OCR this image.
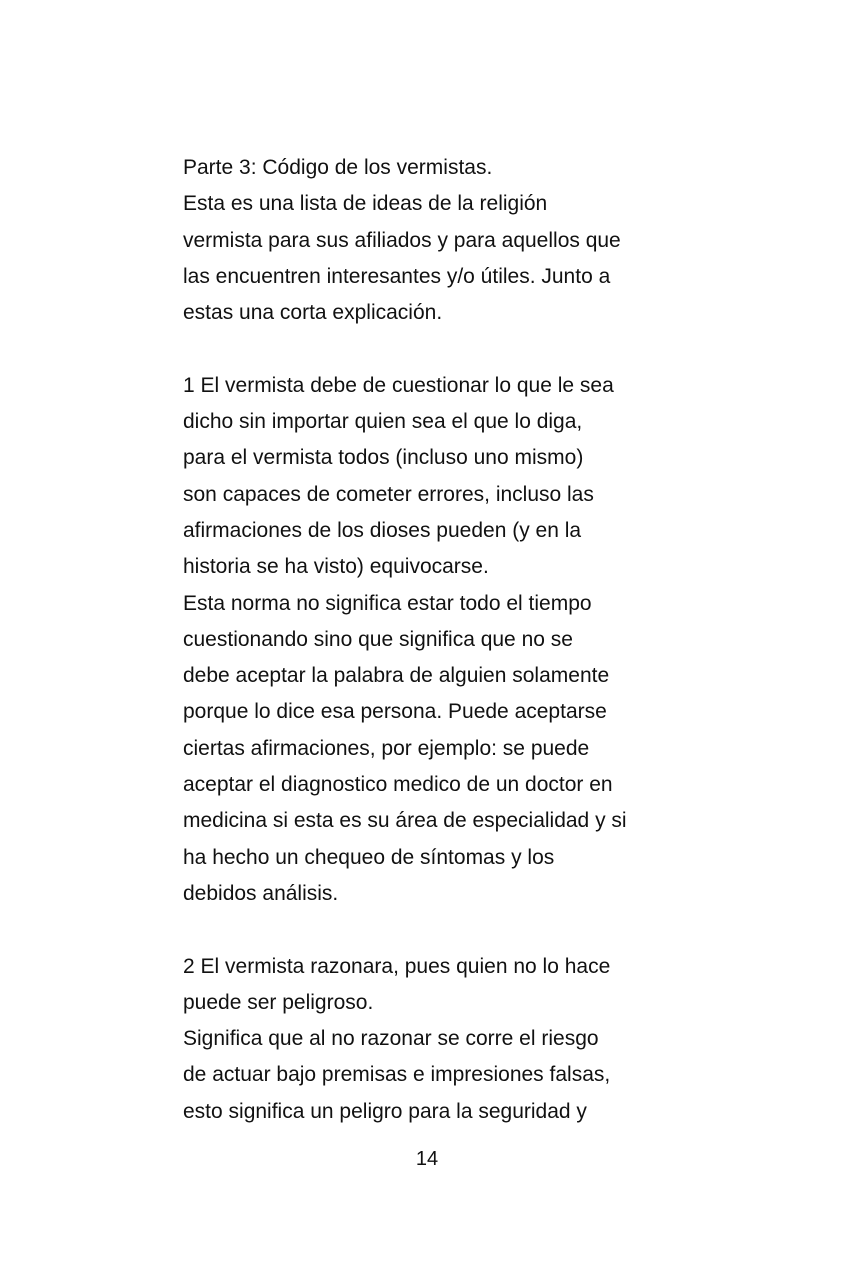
Parte 3: Código de los vermistas.
Esta es una lista de ideas de la religión
vermista para sus afiliados y para aquellos que
las encuentren interesantes y/o útiles. Junto a
estas una corta explicación.
1 El vermista debe de cuestionar lo que le sea
dicho sin importar quien sea el que lo diga,
para el vermista todos (incluso uno mismo)
son capaces de cometer errores, incluso las
afirmaciones de los dioses pueden (y en la
historia se ha visto) equivocarse.
Esta norma no significa estar todo el tiempo
cuestionando sino que significa que no se
debe aceptar la palabra de alguien solamente
porque lo dice esa persona. Puede aceptarse
ciertas afirmaciones, por ejemplo: se puede
aceptar el diagnostico medico de un doctor en
medicina si esta es su área de especialidad y si
ha hecho un chequeo de síntomas y los
debidos análisis.
2 El vermista razonara, pues quien no lo hace
puede ser peligroso.
Significa que al no razonar se corre el riesgo
de actuar bajo premisas e impresiones falsas,
esto significa un peligro para la seguridad y
14
